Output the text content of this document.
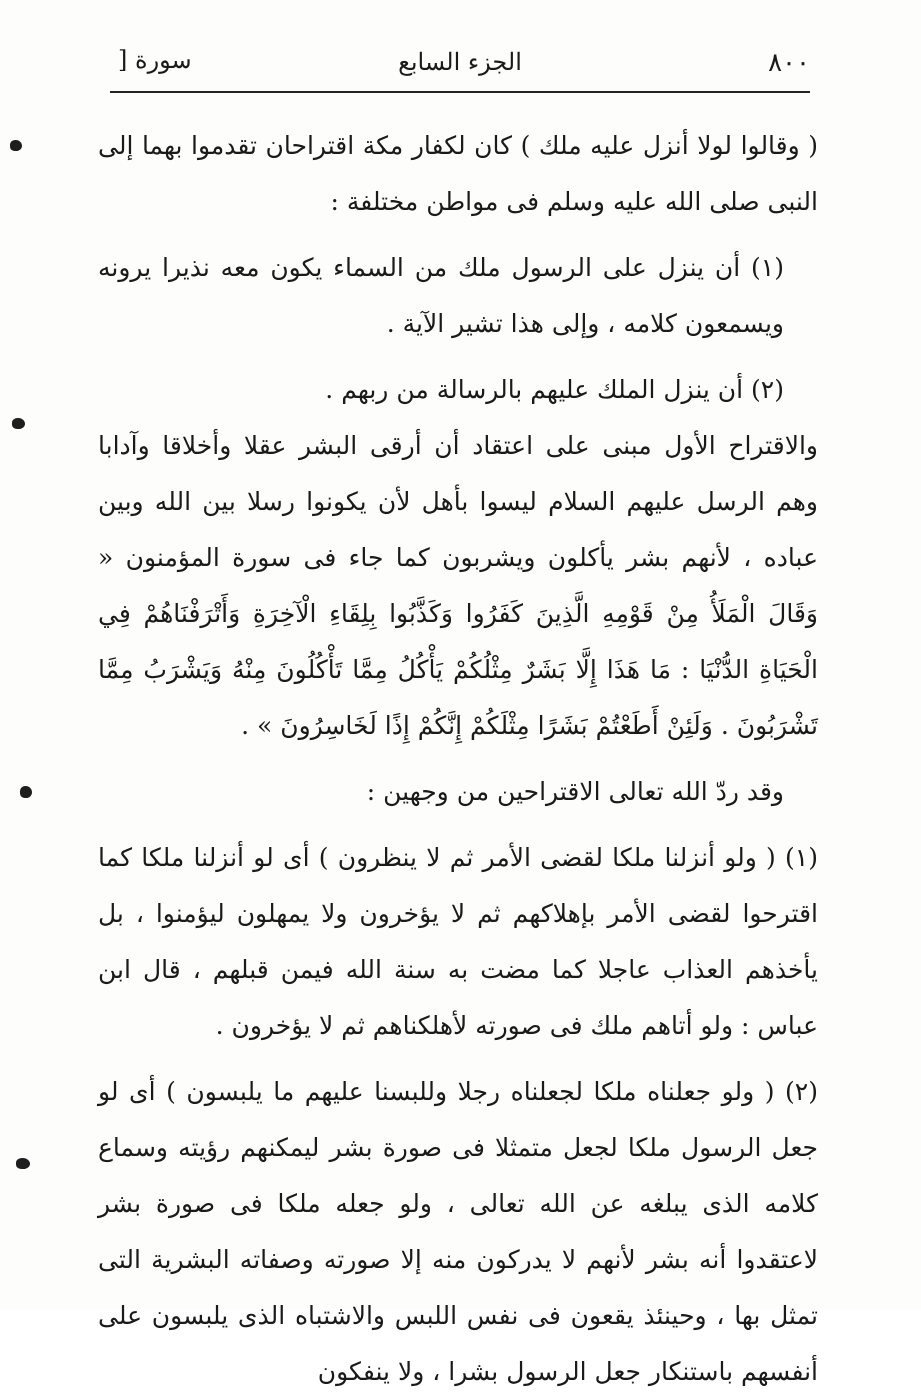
٨٠٠
الجزء السابع
سورة [

( وقالوا لولا أنزل عليه ملك ) كان لكفار مكة اقتراحان تقدموا بهما إلى النبى صلى الله عليه وسلم فى مواطن مختلفة :

(١) أن ينزل على الرسول ملك من السماء يكون معه نذيرا يرونه ويسمعون كلامه ، وإلى هذا تشير الآية .

(٢) أن ينزل الملك عليهم بالرسالة من ربهم .

والاقتراح الأول مبنى على اعتقاد أن أرقى البشر عقلا وأخلاقا وآدابا وهم الرسل عليهم السلام ليسوا بأهل لأن يكونوا رسلا بين الله وبين عباده ، لأنهم بشر يأكلون ويشربون كما جاء فى سورة المؤمنون « وَقَالَ الْمَلَأُ مِنْ قَوْمِهِ الَّذِينَ كَفَرُوا وَكَذَّبُوا بِلِقَاءِ الْآخِرَةِ وَأَتْرَفْنَاهُمْ فِي الْحَيَاةِ الدُّنْيَا : مَا هَذَا إِلَّا بَشَرٌ مِثْلُكُمْ يَأْكُلُ مِمَّا تَأْكُلُونَ مِنْهُ وَيَشْرَبُ مِمَّا تَشْرَبُونَ . وَلَئِنْ أَطَعْتُمْ بَشَرًا مِثْلَكُمْ إِنَّكُمْ إِذًا لَخَاسِرُونَ » .

وقد ردّ الله تعالى الاقتراحين من وجهين :

(١) ( ولو أنزلنا ملكا لقضى الأمر ثم لا ينظرون ) أى لو أنزلنا ملكا كما اقترحوا لقضى الأمر بإهلاكهم ثم لا يؤخرون ولا يمهلون ليؤمنوا ، بل يأخذهم العذاب عاجلا كما مضت به سنة الله فيمن قبلهم ، قال ابن عباس : ولو أتاهم ملك فى صورته لأهلكناهم ثم لا يؤخرون .

(٢) ( ولو جعلناه ملكا لجعلناه رجلا وللبسنا عليهم ما يلبسون ) أى لو جعل الرسول ملكا لجعل متمثلا فى صورة بشر ليمكنهم رؤيته وسماع كلامه الذى يبلغه عن الله تعالى ، ولو جعله ملكا فى صورة بشر لاعتقدوا أنه بشر لأنهم لا يدركون منه إلا صورته وصفاته البشرية التى تمثل بها ، وحينئذ يقعون فى نفس اللبس والاشتباه الذى يلبسون على أنفسهم باستنكار جعل الرسول بشرا ، ولا ينفكون
